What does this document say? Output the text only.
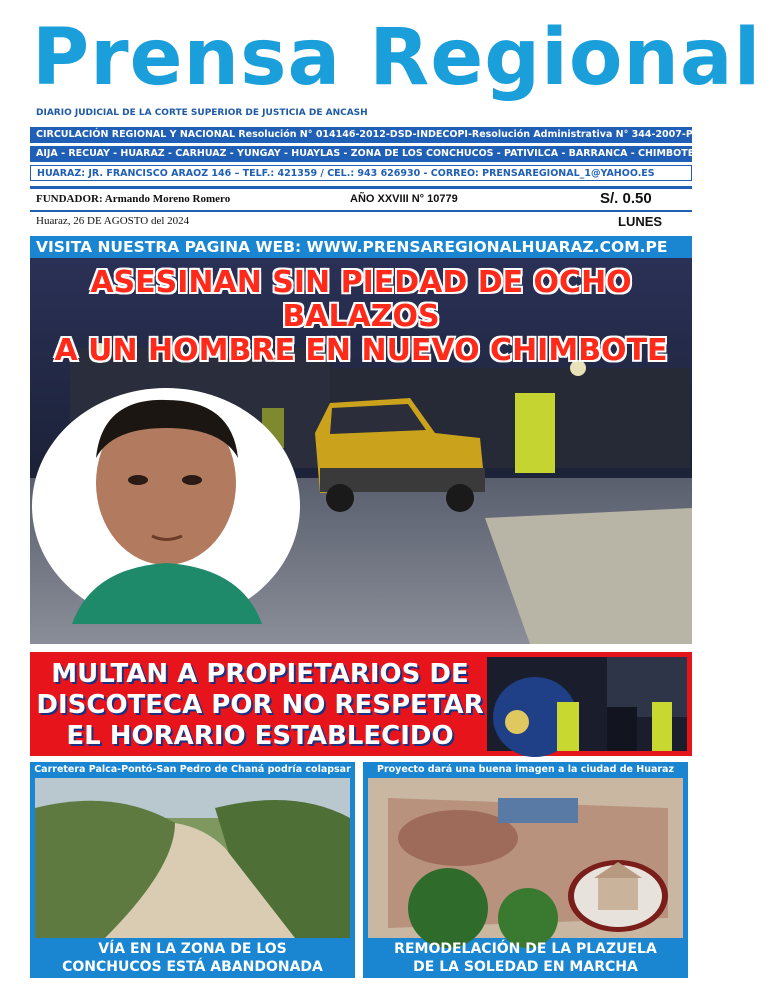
Prensa Regional
DIARIO JUDICIAL DE LA CORTE SUPERIOR DE JUSTICIA DE ANCASH
CIRCULACIÓN REGIONAL Y NACIONAL Resolución N° 014146-2012-DSD-INDECOPI-Resolución Administrativa N° 344-2007-P-CSJAN/PJ
AIJA - RECUAY - HUARAZ - CARHUAZ - YUNGAY - HUAYLAS - ZONA DE LOS CONCHUCOS - PATIVILCA - BARRANCA - CHIMBOTE - LIMA NORTE
HUARAZ: JR. FRANCISCO ARAOZ 146 – TELF.: 421359 / CEL.: 943 626930 - CORREO: PRENSAREGIONAL_1@YAHOO.ES
FUNDADOR: Armando Moreno Romero	AÑO XXVIII N° 10779	S/. 0.50
Huaraz, 26 DE AGOSTO del 2024	LUNES
VISITA NUESTRA PAGINA WEB: WWW.PRENSAREGIONALHUARAZ.COM.PE
ASESINAN SIN PIEDAD DE OCHO BALAZOS
A UN HOMBRE EN NUEVO CHIMBOTE
MULTAN A PROPIETARIOS DE
DISCOTECA POR NO RESPETAR
EL HORARIO ESTABLECIDO
Carretera Palca-Pontó-San Pedro de Chaná podría colapsar
VÍA EN LA ZONA DE LOS
CONCHUCOS ESTÁ ABANDONADA
Proyecto dará una buena imagen a la ciudad de Huaraz
REMODELACIÓN DE LA PLAZUELA
DE LA SOLEDAD EN MARCHA
